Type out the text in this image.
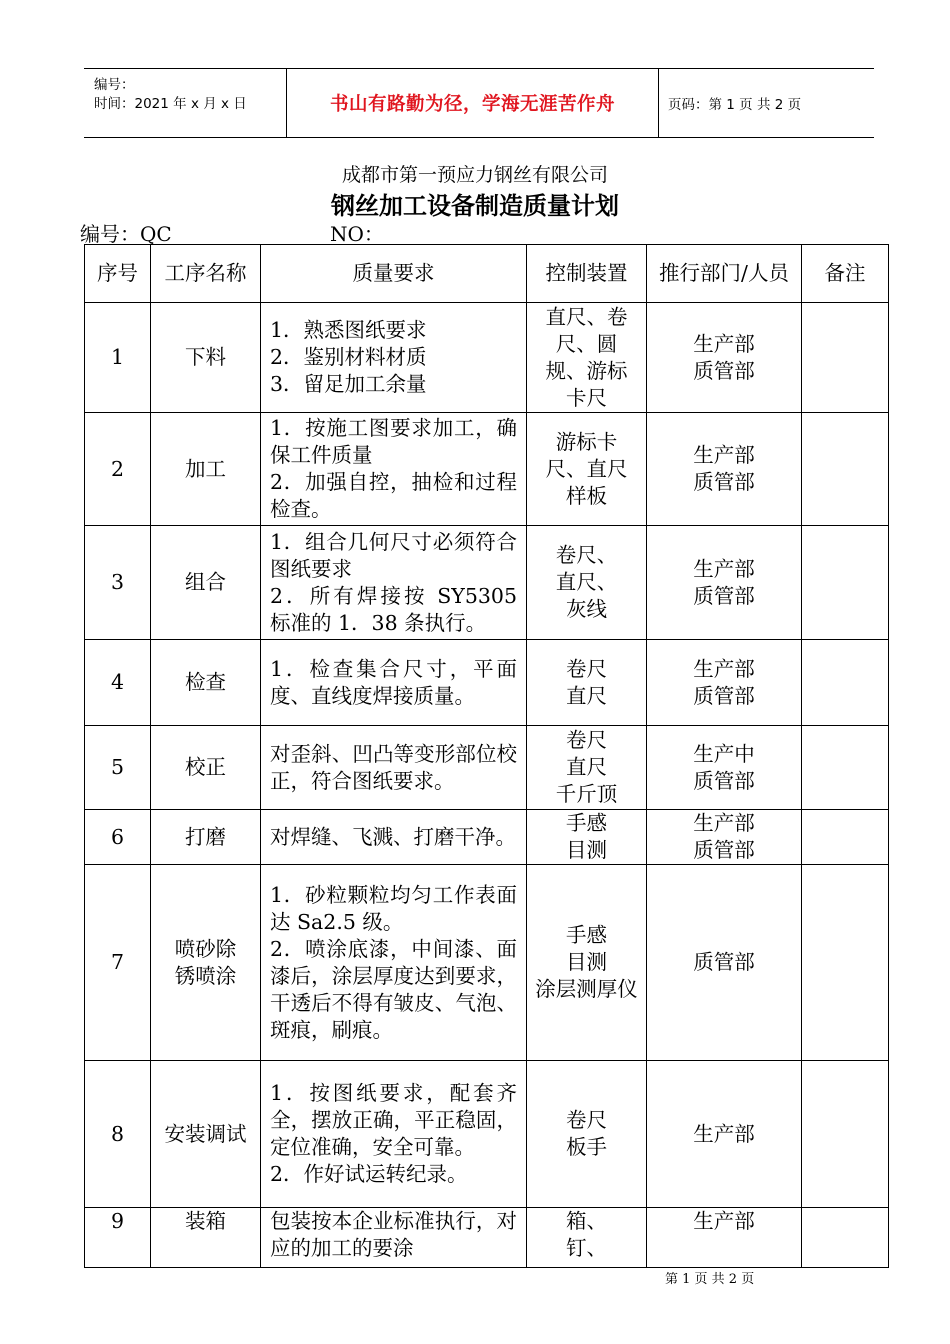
编号：
时间：2021 年 x 月 x 日	书山有路勤为径，学海无涯苦作舟	页码：第 1 页 共 2 页
成都市第一预应力钢丝有限公司
钢丝加工设备制造质量计划
编号：QC	NO：
序号	工序名称	质量要求	控制装置	推行部门/人员	备注
1	下料	1．熟悉图纸要求
2．鉴别材料材质
3．留足加工余量	直尺、卷
尺、圆
规、游标
卡尺	生产部
质管部	

2	加工	1．按施工图要求加工，确保工件质量
2．加强自控，抽检和过程检查。	游标卡
尺、直尺
样板	生产部
质管部	

3	组合	1．组合几何尺寸必须符合图纸要求
2．所有焊接按 SY5305 标准的 1．38 条执行。	卷尺、
直尺、
灰线	生产部
质管部	

4	检查	1．检查集合尺寸，平面度、直线度焊接质量。	卷尺
直尺	生产部
质管部	

5	校正	对歪斜、凹凸等变形部位校正，符合图纸要求。	卷尺
直尺
千斤顶	生产中
质管部	

6	打磨	对焊缝、飞溅、打磨干净。	手感
目测	生产部
质管部	

7	喷砂除锈喷涂	1．砂粒颗粒均匀工作表面达 Sa2.5 级。
2．喷涂底漆，中间漆、面漆后，涂层厚度达到要求，干透后不得有皱皮、气泡、斑痕，刷痕。	手感
目测
涂层测厚仪	质管部	

8	安装调试	1．按图纸要求，配套齐全，摆放正确，平正稳固，定位准确，安全可靠。
2．作好试运转纪录。	卷尺
板手	生产部	

9	装箱	包装按本企业标准执行，对应的加工的要涂	箱、
钉、	生产部	

第 1 页 共 2 页
